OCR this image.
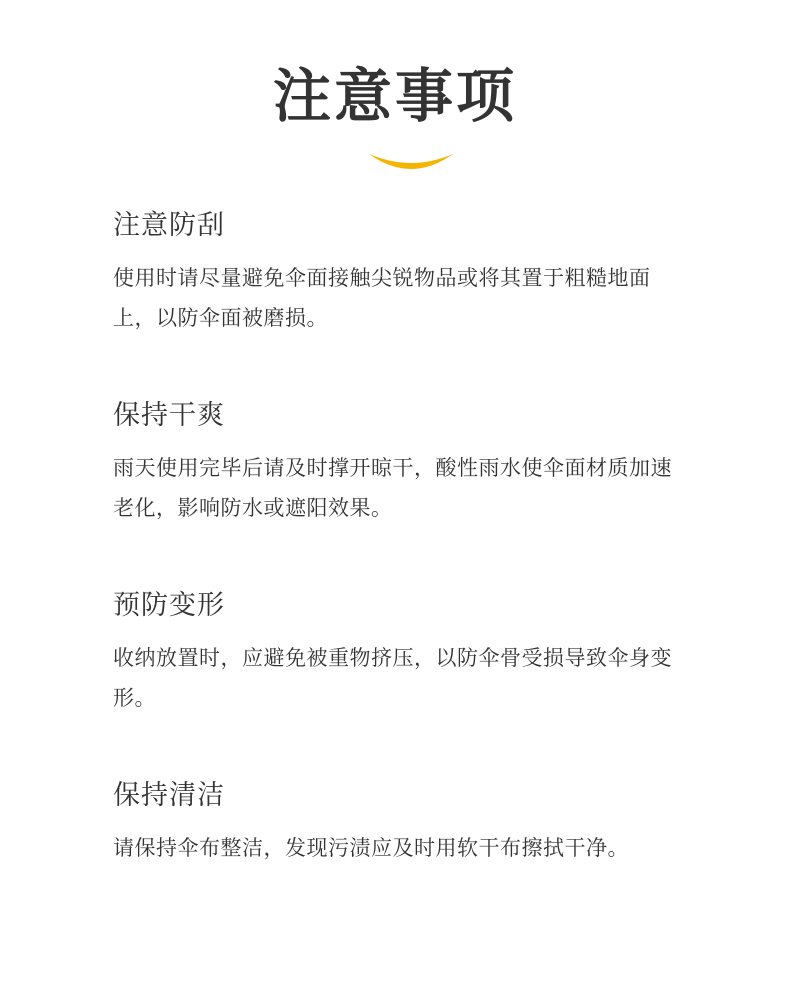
注意事项
注意防刮

使用时请尽量避免伞面接触尖锐物品或将其置于粗糙地面上，以防伞面被磨损。

保持干爽

雨天使用完毕后请及时撑开晾干，酸性雨水使伞面材质加速老化，影响防水或遮阳效果。

预防变形

收纳放置时，应避免被重物挤压，以防伞骨受损导致伞身变形。

保持清洁

请保持伞布整洁，发现污渍应及时用软干布擦拭干净。
